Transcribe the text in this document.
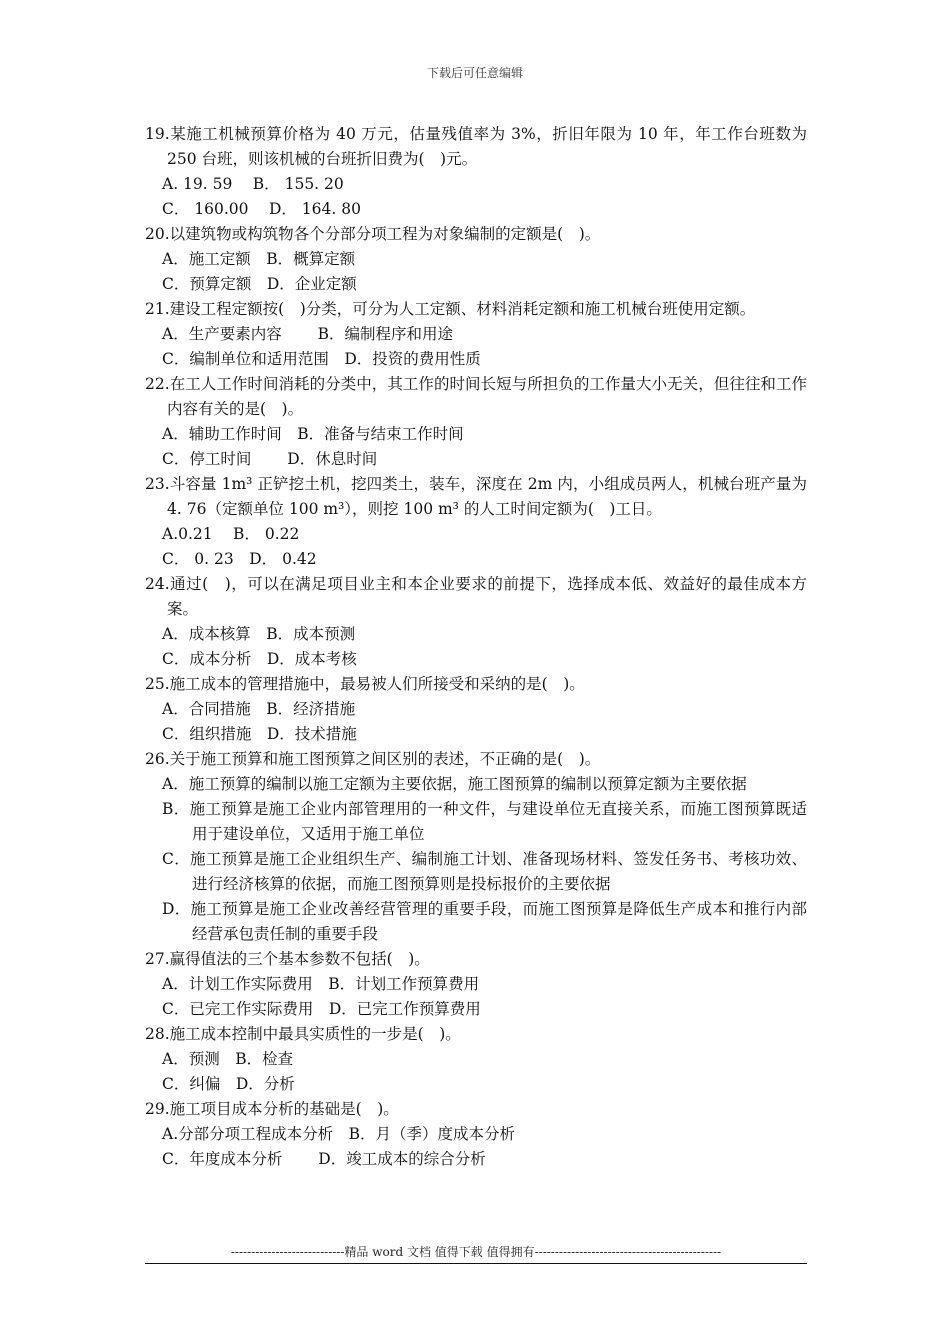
下载后可任意编辑

19.某施工机械预算价格为 40 万元，估量残值率为 3%，折旧年限为 10 年，年工作台班数为 250 台班，则该机械的台班折旧费为(　)元。

A. 19. 59　 B． 155. 20

C． 160.00　 D． 164. 80

20.以建筑物或构筑物各个分部分项工程为对象编制的定额是(　)。

A．施工定额　B．概算定额

C．预算定额　D．企业定额

21.建设工程定额按(　)分类，可分为人工定额、材料消耗定额和施工机械台班使用定额。

A．生产要素内容　　 B．编制程序和用途

C．编制单位和适用范围　D．投资的费用性质

22.在工人工作时间消耗的分类中，其工作的时间长短与所担负的工作量大小无关，但往往和工作内容有关的是(　)。

A．辅助工作时间　B．准备与结束工作时间

C．停工时间　　 D．休息时间

23.斗容量 1m³ 正铲挖土机，挖四类土，装车，深度在 2m 内，小组成员两人，机械台班产量为 4. 76（定额单位 100 m³），则挖 100 m³ 的人工时间定额为(　)工日。

A.0.21　 B． 0.22

C． 0. 23　D． 0.42

24.通过(　)，可以在满足项目业主和本企业要求的前提下，选择成本低、效益好的最佳成本方案。

A．成本核算　B．成本预测

C．成本分析　D．成本考核

25.施工成本的管理措施中，最易被人们所接受和采纳的是(　)。

A．合同措施　B．经济措施

C．组织措施　D．技术措施

26.关于施工预算和施工图预算之间区别的表述，不正确的是(　)。

A．施工预算的编制以施工定额为主要依据，施工图预算的编制以预算定额为主要依据

B．施工预算是施工企业内部管理用的一种文件，与建设单位无直接关系，而施工图预算既适用于建设单位，又适用于施工单位

C．施工预算是施工企业组织生产、编制施工计划、准备现场材料、签发任务书、考核功效、进行经济核算的依据，而施工图预算则是投标报价的主要依据

D．施工预算是施工企业改善经营管理的重要手段，而施工图预算是降低生产成本和推行内部经营承包责任制的重要手段

27.赢得值法的三个基本参数不包括(　)。

A．计划工作实际费用　B．计划工作预算费用

C．已完工作实际费用　D．已完工作预算费用

28.施工成本控制中最具实质性的一步是(　)。

A．预测　B．检查

C．纠偏　D．分析

29.施工项目成本分析的基础是(　)。

A.分部分项工程成本分析　B．月（季）度成本分析

C．年度成本分析　　 D．竣工成本的综合分析

----------------------------精品 word 文档 值得下载 值得拥有----------------------------------------------
